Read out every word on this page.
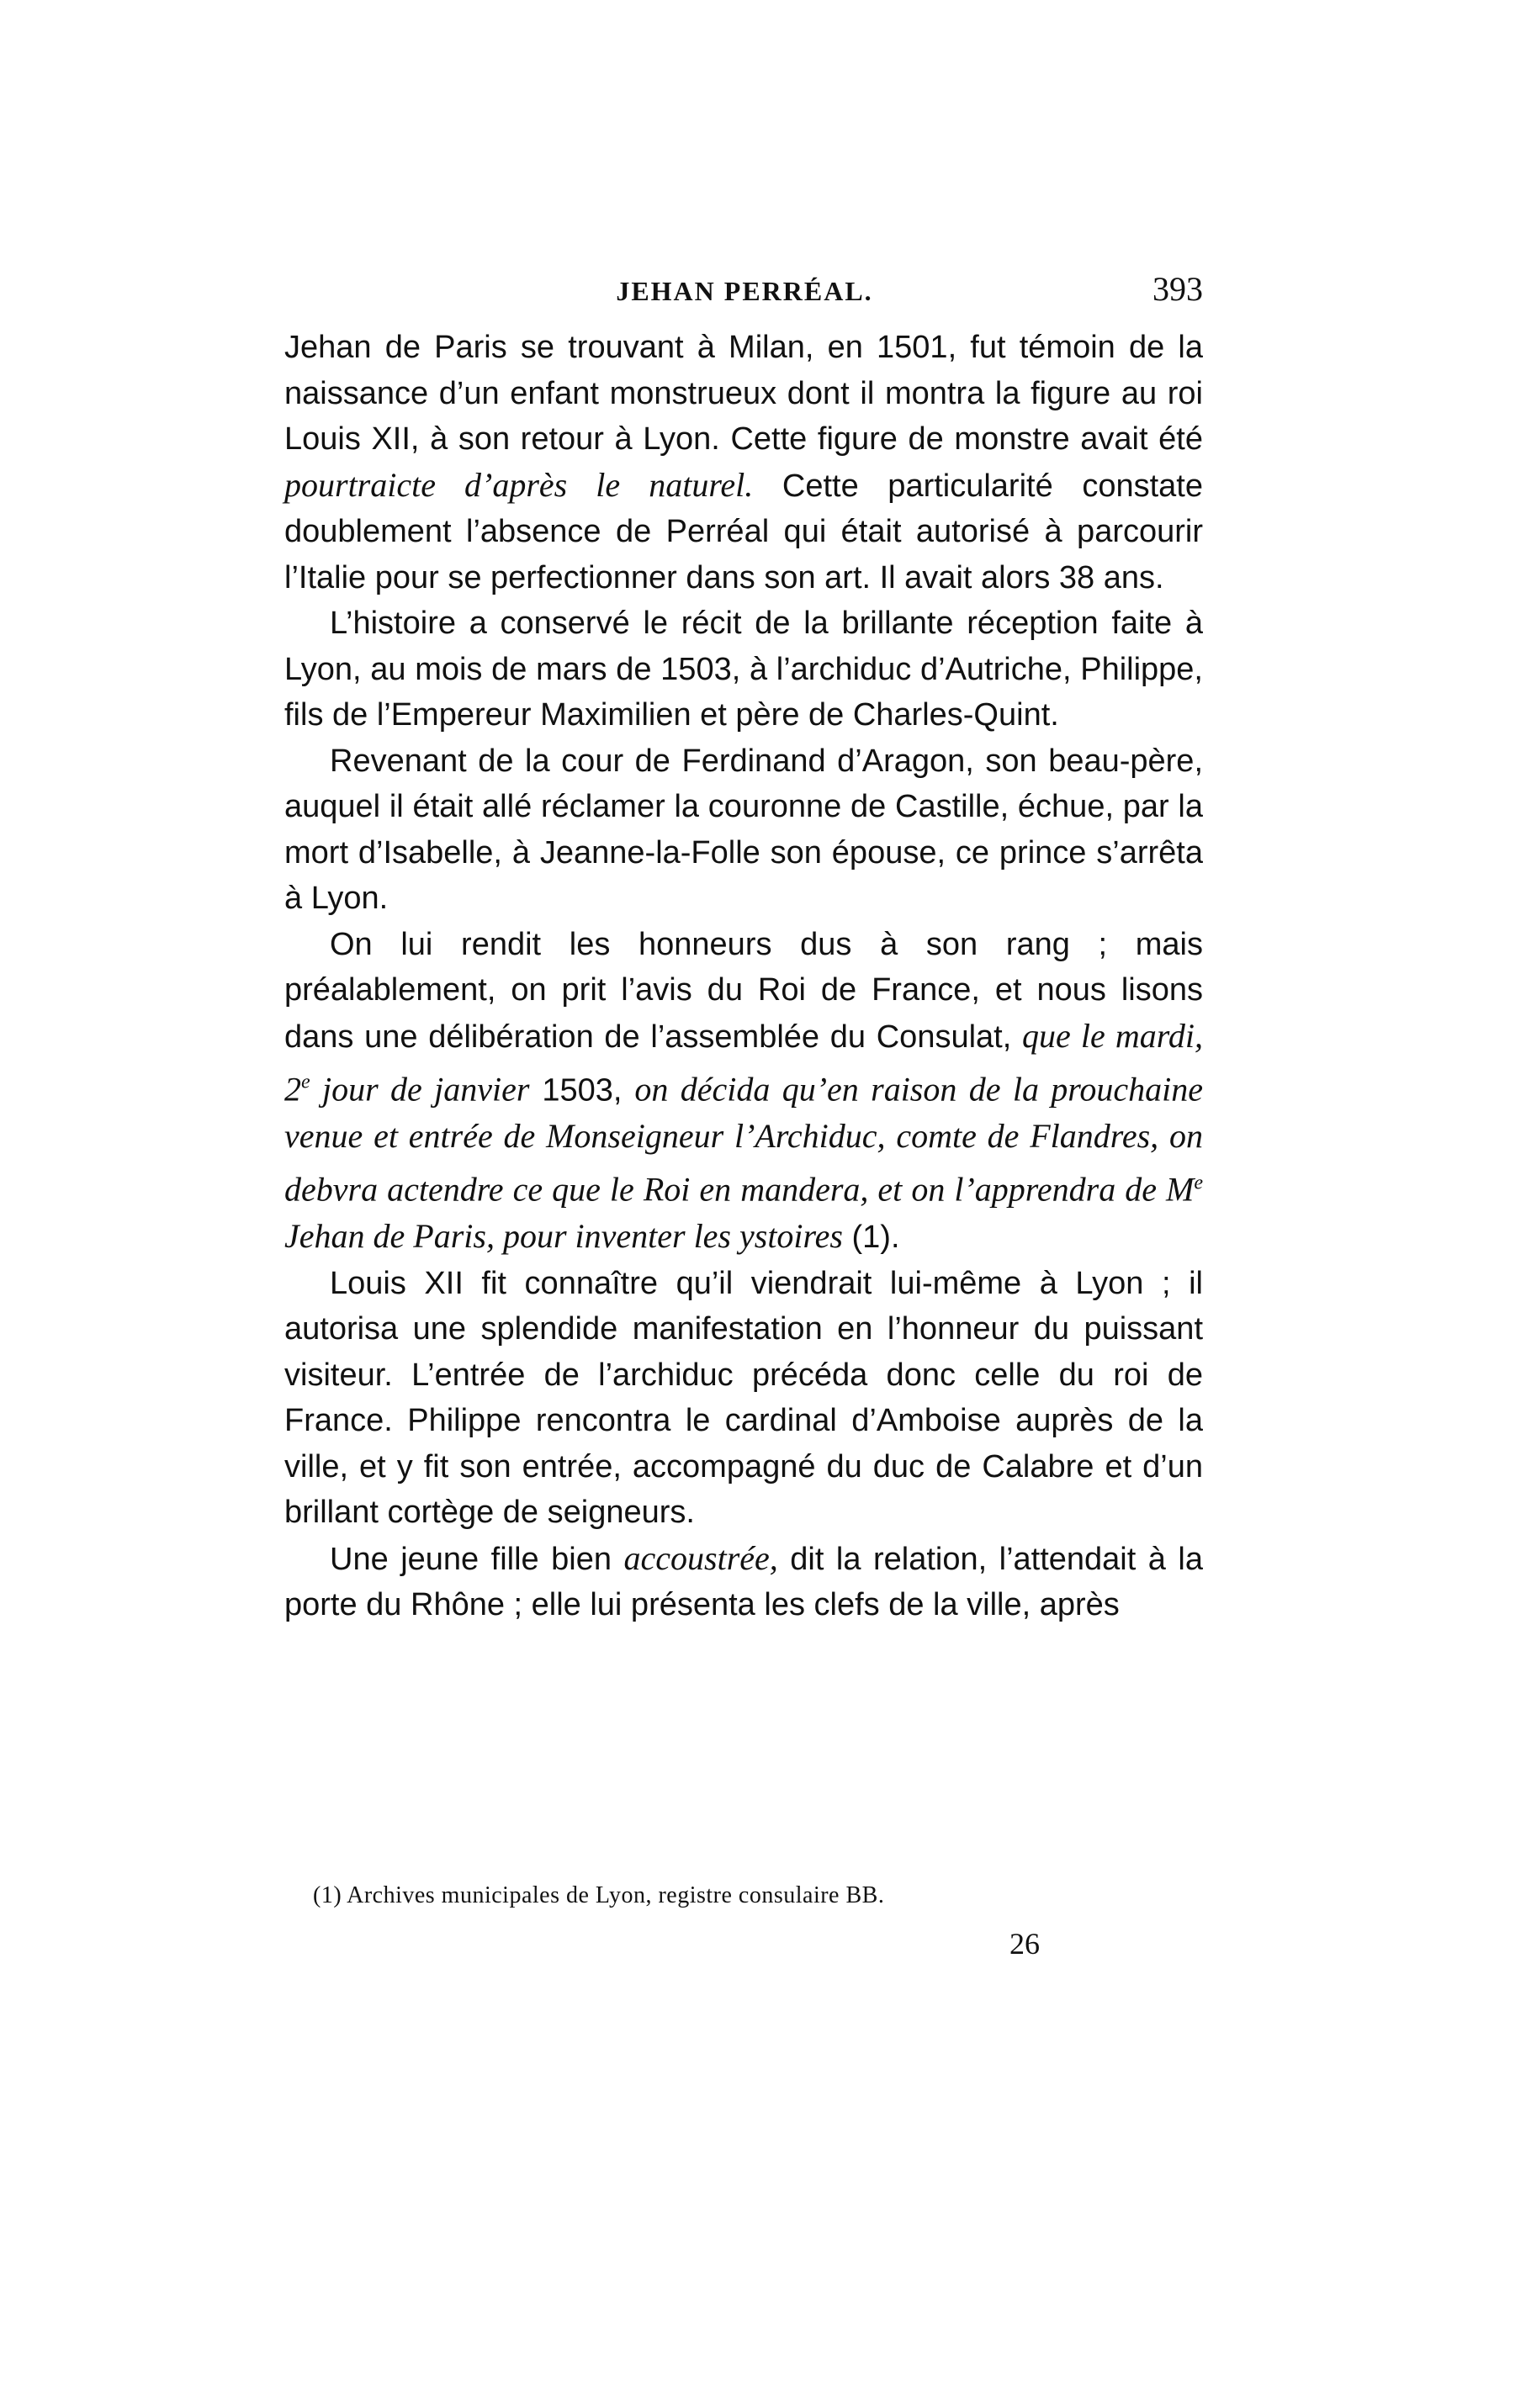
JEHAN PERRÉAL.	393

Jehan de Paris se trouvant à Milan, en 1501, fut témoin de la naissance d’un enfant monstrueux dont il montra la figure au roi Louis XII, à son retour à Lyon. Cette figure de monstre avait été pourtraicte d’après le naturel. Cette particularité constate doublement l’absence de Perréal qui était autorisé à parcourir l’Italie pour se perfectionner dans son art. Il avait alors 38 ans.

L’histoire a conservé le récit de la brillante réception faite à Lyon, au mois de mars de 1503, à l’archiduc d’Autriche, Philippe, fils de l’Empereur Maximilien et père de Charles-Quint.

Revenant de la cour de Ferdinand d’Aragon, son beau-père, auquel il était allé réclamer la couronne de Castille, échue, par la mort d’Isabelle, à Jeanne-la-Folle son épouse, ce prince s’arrêta à Lyon.

On lui rendit les honneurs dus à son rang ; mais préalablement, on prit l’avis du Roi de France, et nous lisons dans une délibération de l’assemblée du Consulat, que le mardi, 2e jour de janvier 1503, on décida qu’en raison de la prouchaine venue et entrée de Monseigneur l’Archiduc, comte de Flandres, on debvra actendre ce que le Roi en mandera, et on l’apprendra de Me Jehan de Paris, pour inventer les ystoires (1).

Louis XII fit connaître qu’il viendrait lui-même à Lyon ; il autorisa une splendide manifestation en l’honneur du puissant visiteur. L’entrée de l’archiduc précéda donc celle du roi de France. Philippe rencontra le cardinal d’Amboise auprès de la ville, et y fit son entrée, accompagné du duc de Calabre et d’un brillant cortège de seigneurs.

Une jeune fille bien accoustrée, dit la relation, l’attendait à la porte du Rhône ; elle lui présenta les clefs de la ville, après

(1) Archives municipales de Lyon, registre consulaire BB.
26
